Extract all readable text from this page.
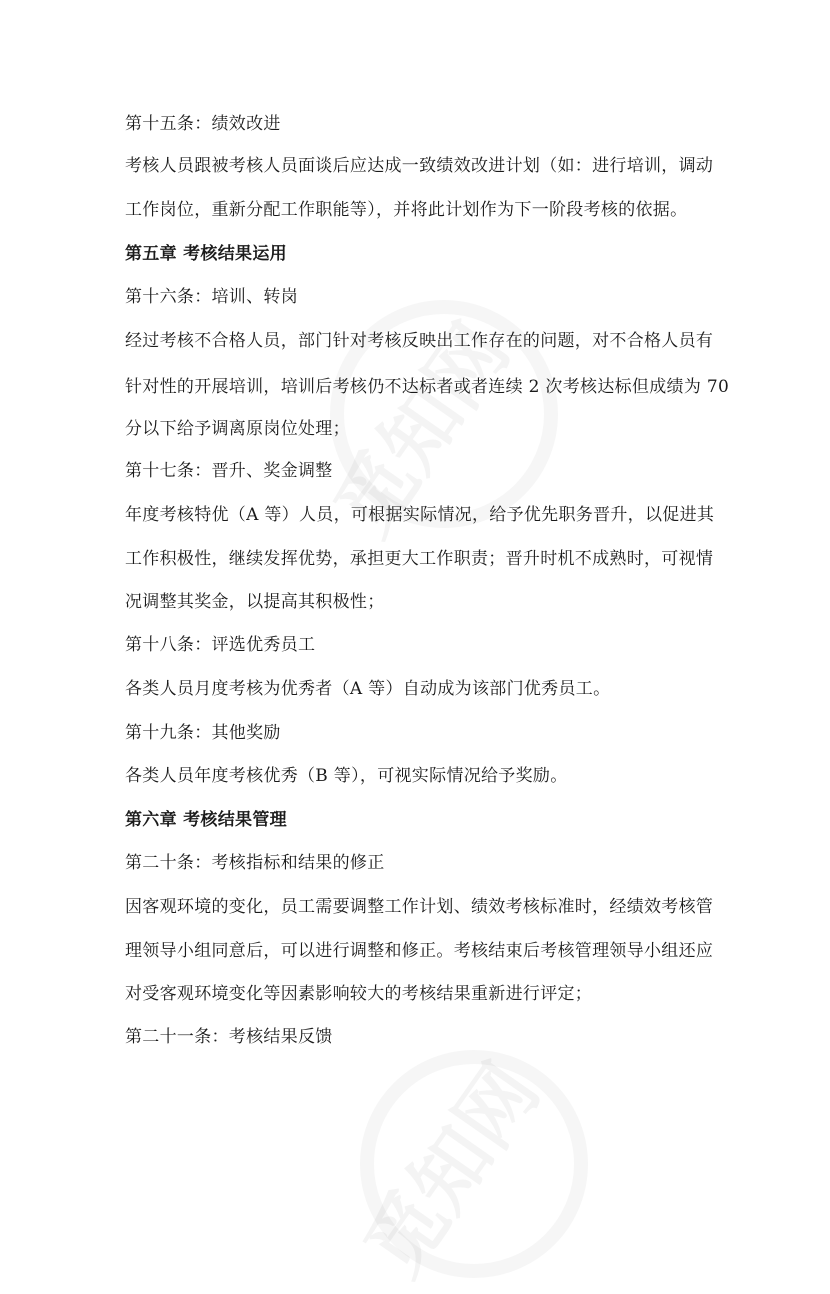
第十五条：绩效改进
考核人员跟被考核人员面谈后应达成一致绩效改进计划（如：进行培训，调动
工作岗位，重新分配工作职能等），并将此计划作为下一阶段考核的依据。
第五章 考核结果运用
第十六条：培训、转岗
经过考核不合格人员，部门针对考核反映出工作存在的问题，对不合格人员有
针对性的开展培训，培训后考核仍不达标者或者连续 2 次考核达标但成绩为 70
分以下给予调离原岗位处理；
第十七条：晋升、奖金调整
年度考核特优（A 等）人员，可根据实际情况，给予优先职务晋升，以促进其
工作积极性，继续发挥优势，承担更大工作职责；晋升时机不成熟时，可视情
况调整其奖金，以提高其积极性；
第十八条：评选优秀员工
各类人员月度考核为优秀者（A 等）自动成为该部门优秀员工。
第十九条：其他奖励
各类人员年度考核优秀（B 等），可视实际情况给予奖励。
第六章 考核结果管理
第二十条：考核指标和结果的修正
因客观环境的变化，员工需要调整工作计划、绩效考核标准时，经绩效考核管
理领导小组同意后，可以进行调整和修正。考核结束后考核管理领导小组还应
对受客观环境变化等因素影响较大的考核结果重新进行评定；
第二十一条：考核结果反馈
